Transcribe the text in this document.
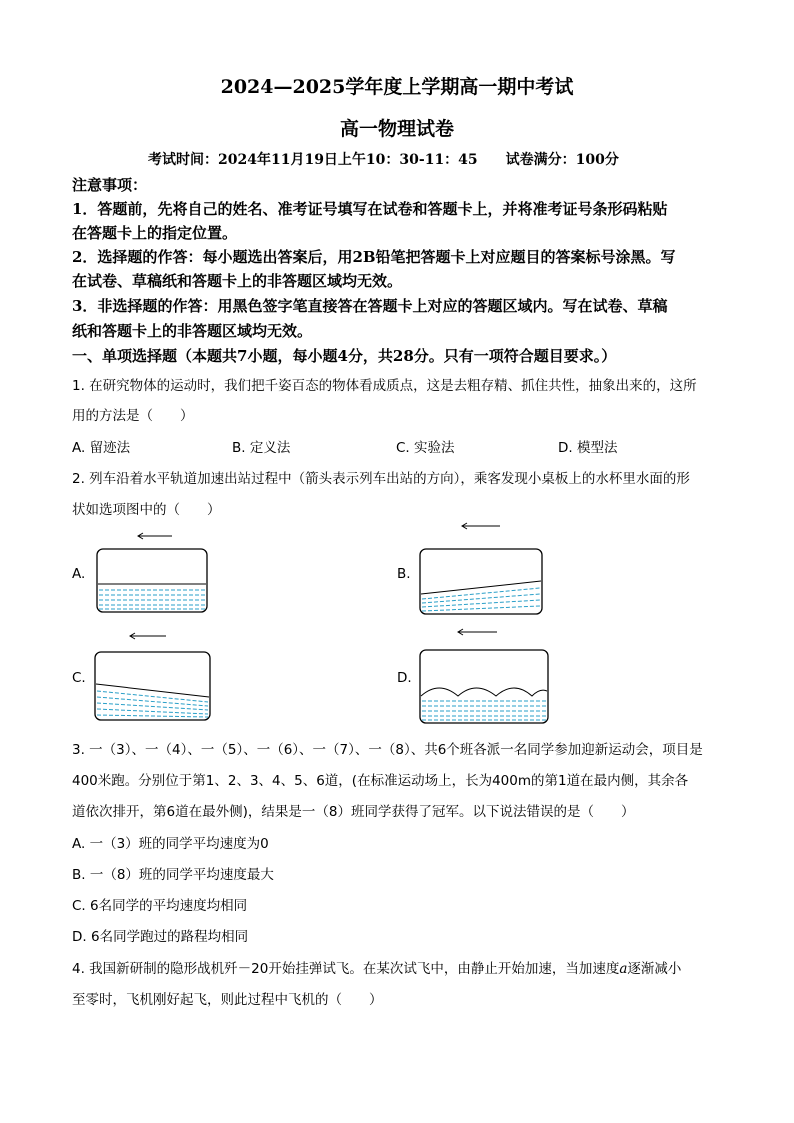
2024—2025学年度上学期高一期中考试
高一物理试卷
考试时间：2024年11月19日上午10：30-11：45　　试卷满分：100分
注意事项：
1．答题前，先将自己的姓名、准考证号填写在试卷和答题卡上，并将准考证号条形码粘贴
在答题卡上的指定位置。
2．选择题的作答：每小题选出答案后，用2B铅笔把答题卡上对应题目的答案标号涂黑。写
在试卷、草稿纸和答题卡上的非答题区域均无效。
3．非选择题的作答：用黑色签字笔直接答在答题卡上对应的答题区域内。写在试卷、草稿
纸和答题卡上的非答题区域均无效。
一、单项选择题（本题共7小题，每小题4分，共28分。只有一项符合题目要求。）
1. 在研究物体的运动时，我们把千姿百态的物体看成质点，这是去粗存精、抓住共性，抽象出来的，这所
用的方法是（　　）
A. 留迹法	B. 定义法	C. 实验法	D. 模型法
2. 列车沿着水平轨道加速出站过程中（箭头表示列车出站的方向），乘客发现小桌板上的水杯里水面的形
状如选项图中的（　　）
A.	B.
C.	D.
3. 一（3）、一（4）、一（5）、一（6）、一（7）、一（8）、共6个班各派一名同学参加迎新运动会，项目是
400米跑。分别位于第1、2、3、4、5、6道，(在标准运动场上，长为400m的第1道在最内侧，其余各
道依次排开，第6道在最外侧)，结果是一（8）班同学获得了冠军。以下说法错误的是（　　）
A. 一（3）班的同学平均速度为0
B. 一（8）班的同学平均速度最大
C. 6名同学的平均速度均相同
D. 6名同学跑过的路程均相同
4. 我国新研制的隐形战机歼－20开始挂弹试飞。在某次试飞中，由静止开始加速，当加速度a逐渐减小
至零时，飞机刚好起飞，则此过程中飞机的（　　）
